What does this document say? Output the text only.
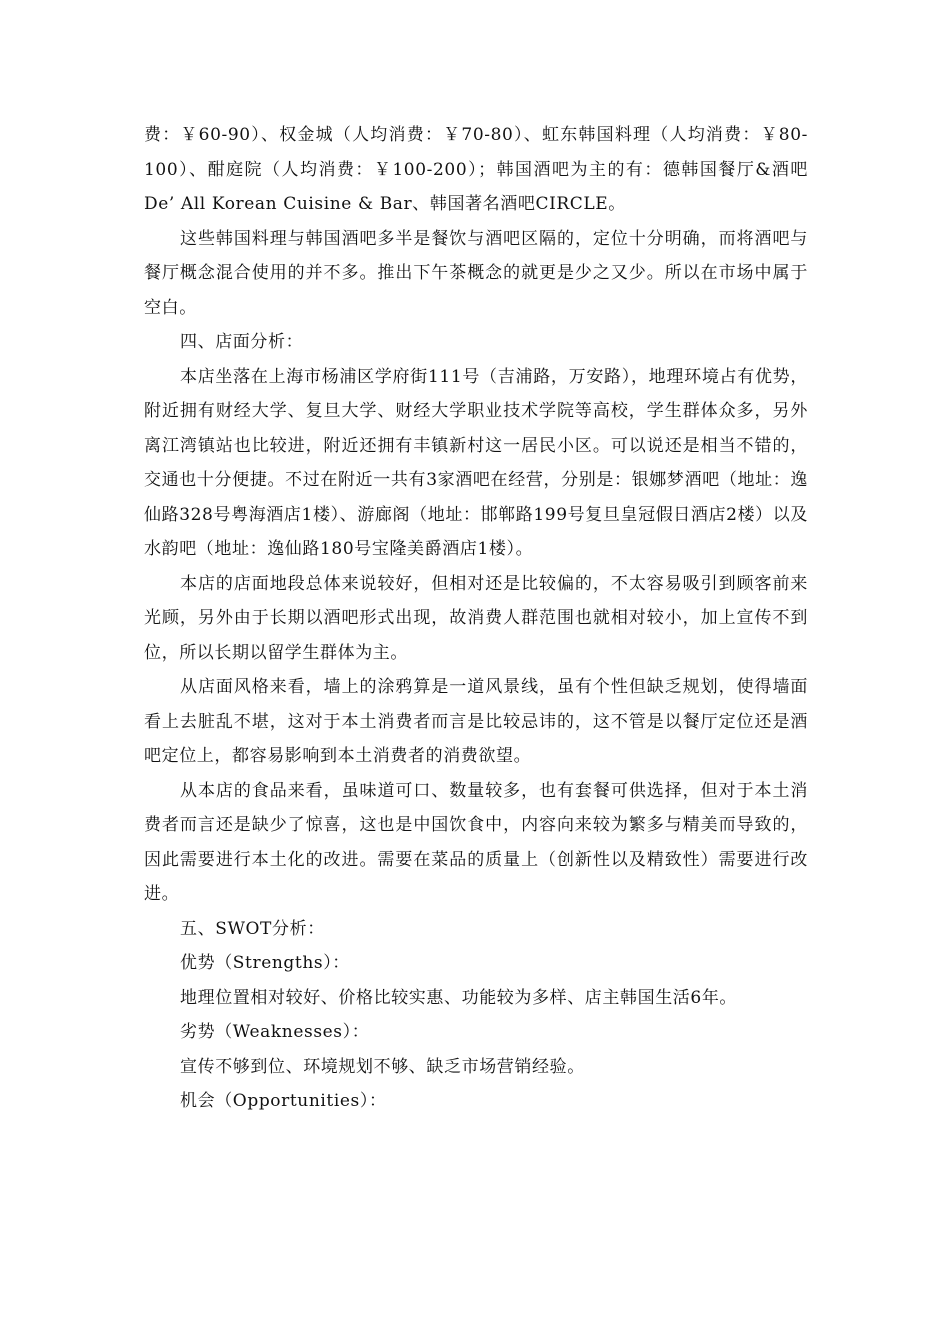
费：￥60-90）、权金城（人均消费：￥70-80）、虹东韩国料理（人均消费：￥80-100）、酣庭院（人均消费：￥100-200）；韩国酒吧为主的有：德韩国餐厅&酒吧De’ All Korean Cuisine & Bar、韩国著名酒吧CIRCLE。

这些韩国料理与韩国酒吧多半是餐饮与酒吧区隔的，定位十分明确，而将酒吧与餐厅概念混合使用的并不多。推出下午茶概念的就更是少之又少。所以在市场中属于空白。

四、店面分析：

本店坐落在上海市杨浦区学府街111号（吉浦路，万安路），地理环境占有优势，附近拥有财经大学、复旦大学、财经大学职业技术学院等高校，学生群体众多，另外离江湾镇站也比较进，附近还拥有丰镇新村这一居民小区。可以说还是相当不错的，交通也十分便捷。不过在附近一共有3家酒吧在经营，分别是：银娜梦酒吧（地址：逸仙路328号粤海酒店1楼）、游廊阁（地址：邯郸路199号复旦皇冠假日酒店2楼）以及水韵吧（地址：逸仙路180号宝隆美爵酒店1楼）。

本店的店面地段总体来说较好，但相对还是比较偏的，不太容易吸引到顾客前来光顾，另外由于长期以酒吧形式出现，故消费人群范围也就相对较小，加上宣传不到位，所以长期以留学生群体为主。

从店面风格来看，墙上的涂鸦算是一道风景线，虽有个性但缺乏规划，使得墙面看上去脏乱不堪，这对于本土消费者而言是比较忌讳的，这不管是以餐厅定位还是酒吧定位上，都容易影响到本土消费者的消费欲望。

从本店的食品来看，虽味道可口、数量较多，也有套餐可供选择，但对于本土消费者而言还是缺少了惊喜，这也是中国饮食中，内容向来较为繁多与精美而导致的，因此需要进行本土化的改进。需要在菜品的质量上（创新性以及精致性）需要进行改进。

五、SWOT分析：

优势（Strengths）：

地理位置相对较好、价格比较实惠、功能较为多样、店主韩国生活6年。

劣势（Weaknesses）：

宣传不够到位、环境规划不够、缺乏市场营销经验。

机会（Opportunities）：
